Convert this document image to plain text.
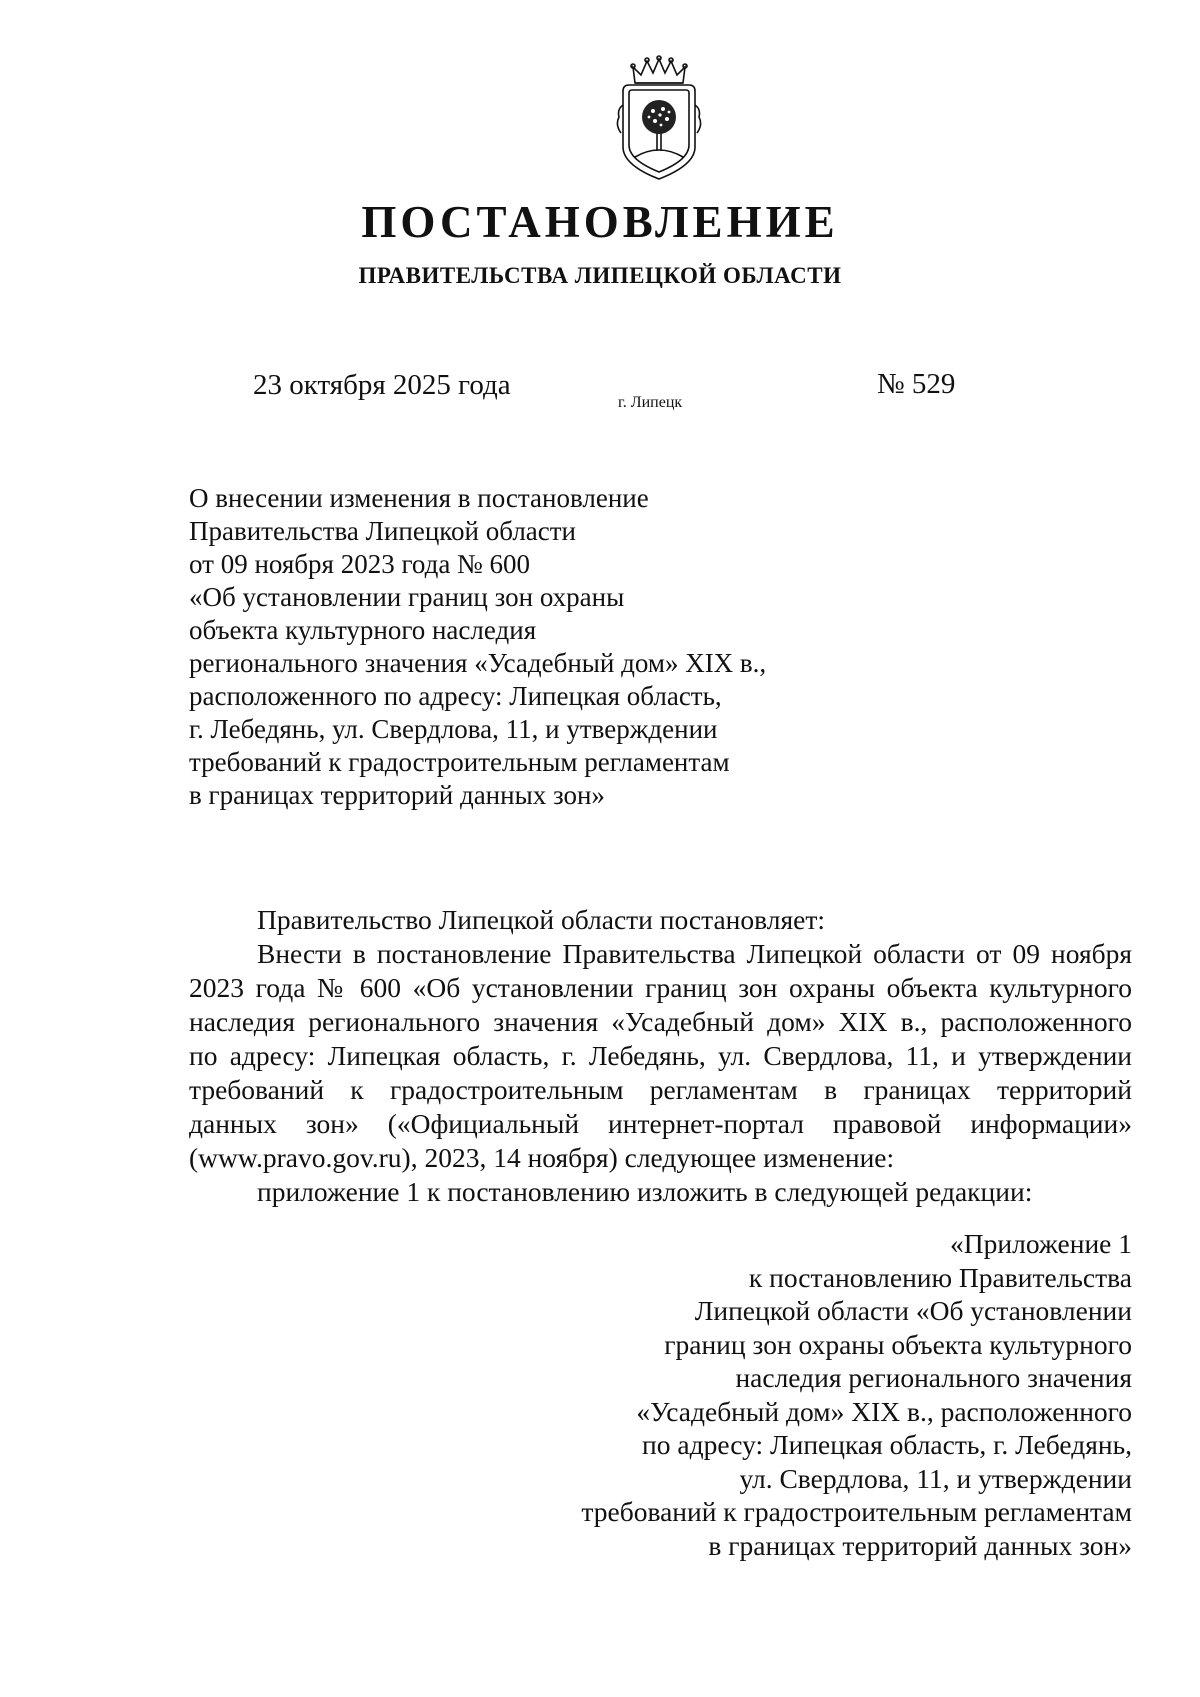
ПОСТАНОВЛЕНИЕ
ПРАВИТЕЛЬСТВА ЛИПЕЦКОЙ ОБЛАСТИ
23 октября 2025 года
г. Липецк
№ 529
О внесении изменения в постановление
Правительства Липецкой области
от 09 ноября 2023 года № 600
«Об установлении границ зон охраны
объекта культурного наследия
регионального значения «Усадебный дом» XIX в.,
расположенного по адресу: Липецкая область,
г. Лебедянь, ул. Свердлова, 11, и утверждении
требований к градостроительным регламентам
в границах территорий данных зон»
Правительство Липецкой области постановляет:
Внести в постановление Правительства Липецкой области от 09 ноября
2023 года № 600 «Об установлении границ зон охраны объекта культурного
наследия регионального значения «Усадебный дом» XIX в., расположенного
по адресу: Липецкая область, г. Лебедянь, ул. Свердлова, 11, и утверждении
требований к градостроительным регламентам в границах территорий
данных зон» («Официальный интернет-портал правовой информации»
(www.pravo.gov.ru), 2023, 14 ноября) следующее изменение:
приложение 1 к постановлению изложить в следующей редакции:
«Приложение 1
к постановлению Правительства
Липецкой области «Об установлении
границ зон охраны объекта культурного
наследия регионального значения
«Усадебный дом» XIX в., расположенного
по адресу: Липецкая область, г. Лебедянь,
ул. Свердлова, 11, и утверждении
требований к градостроительным регламентам
в границах территорий данных зон»
